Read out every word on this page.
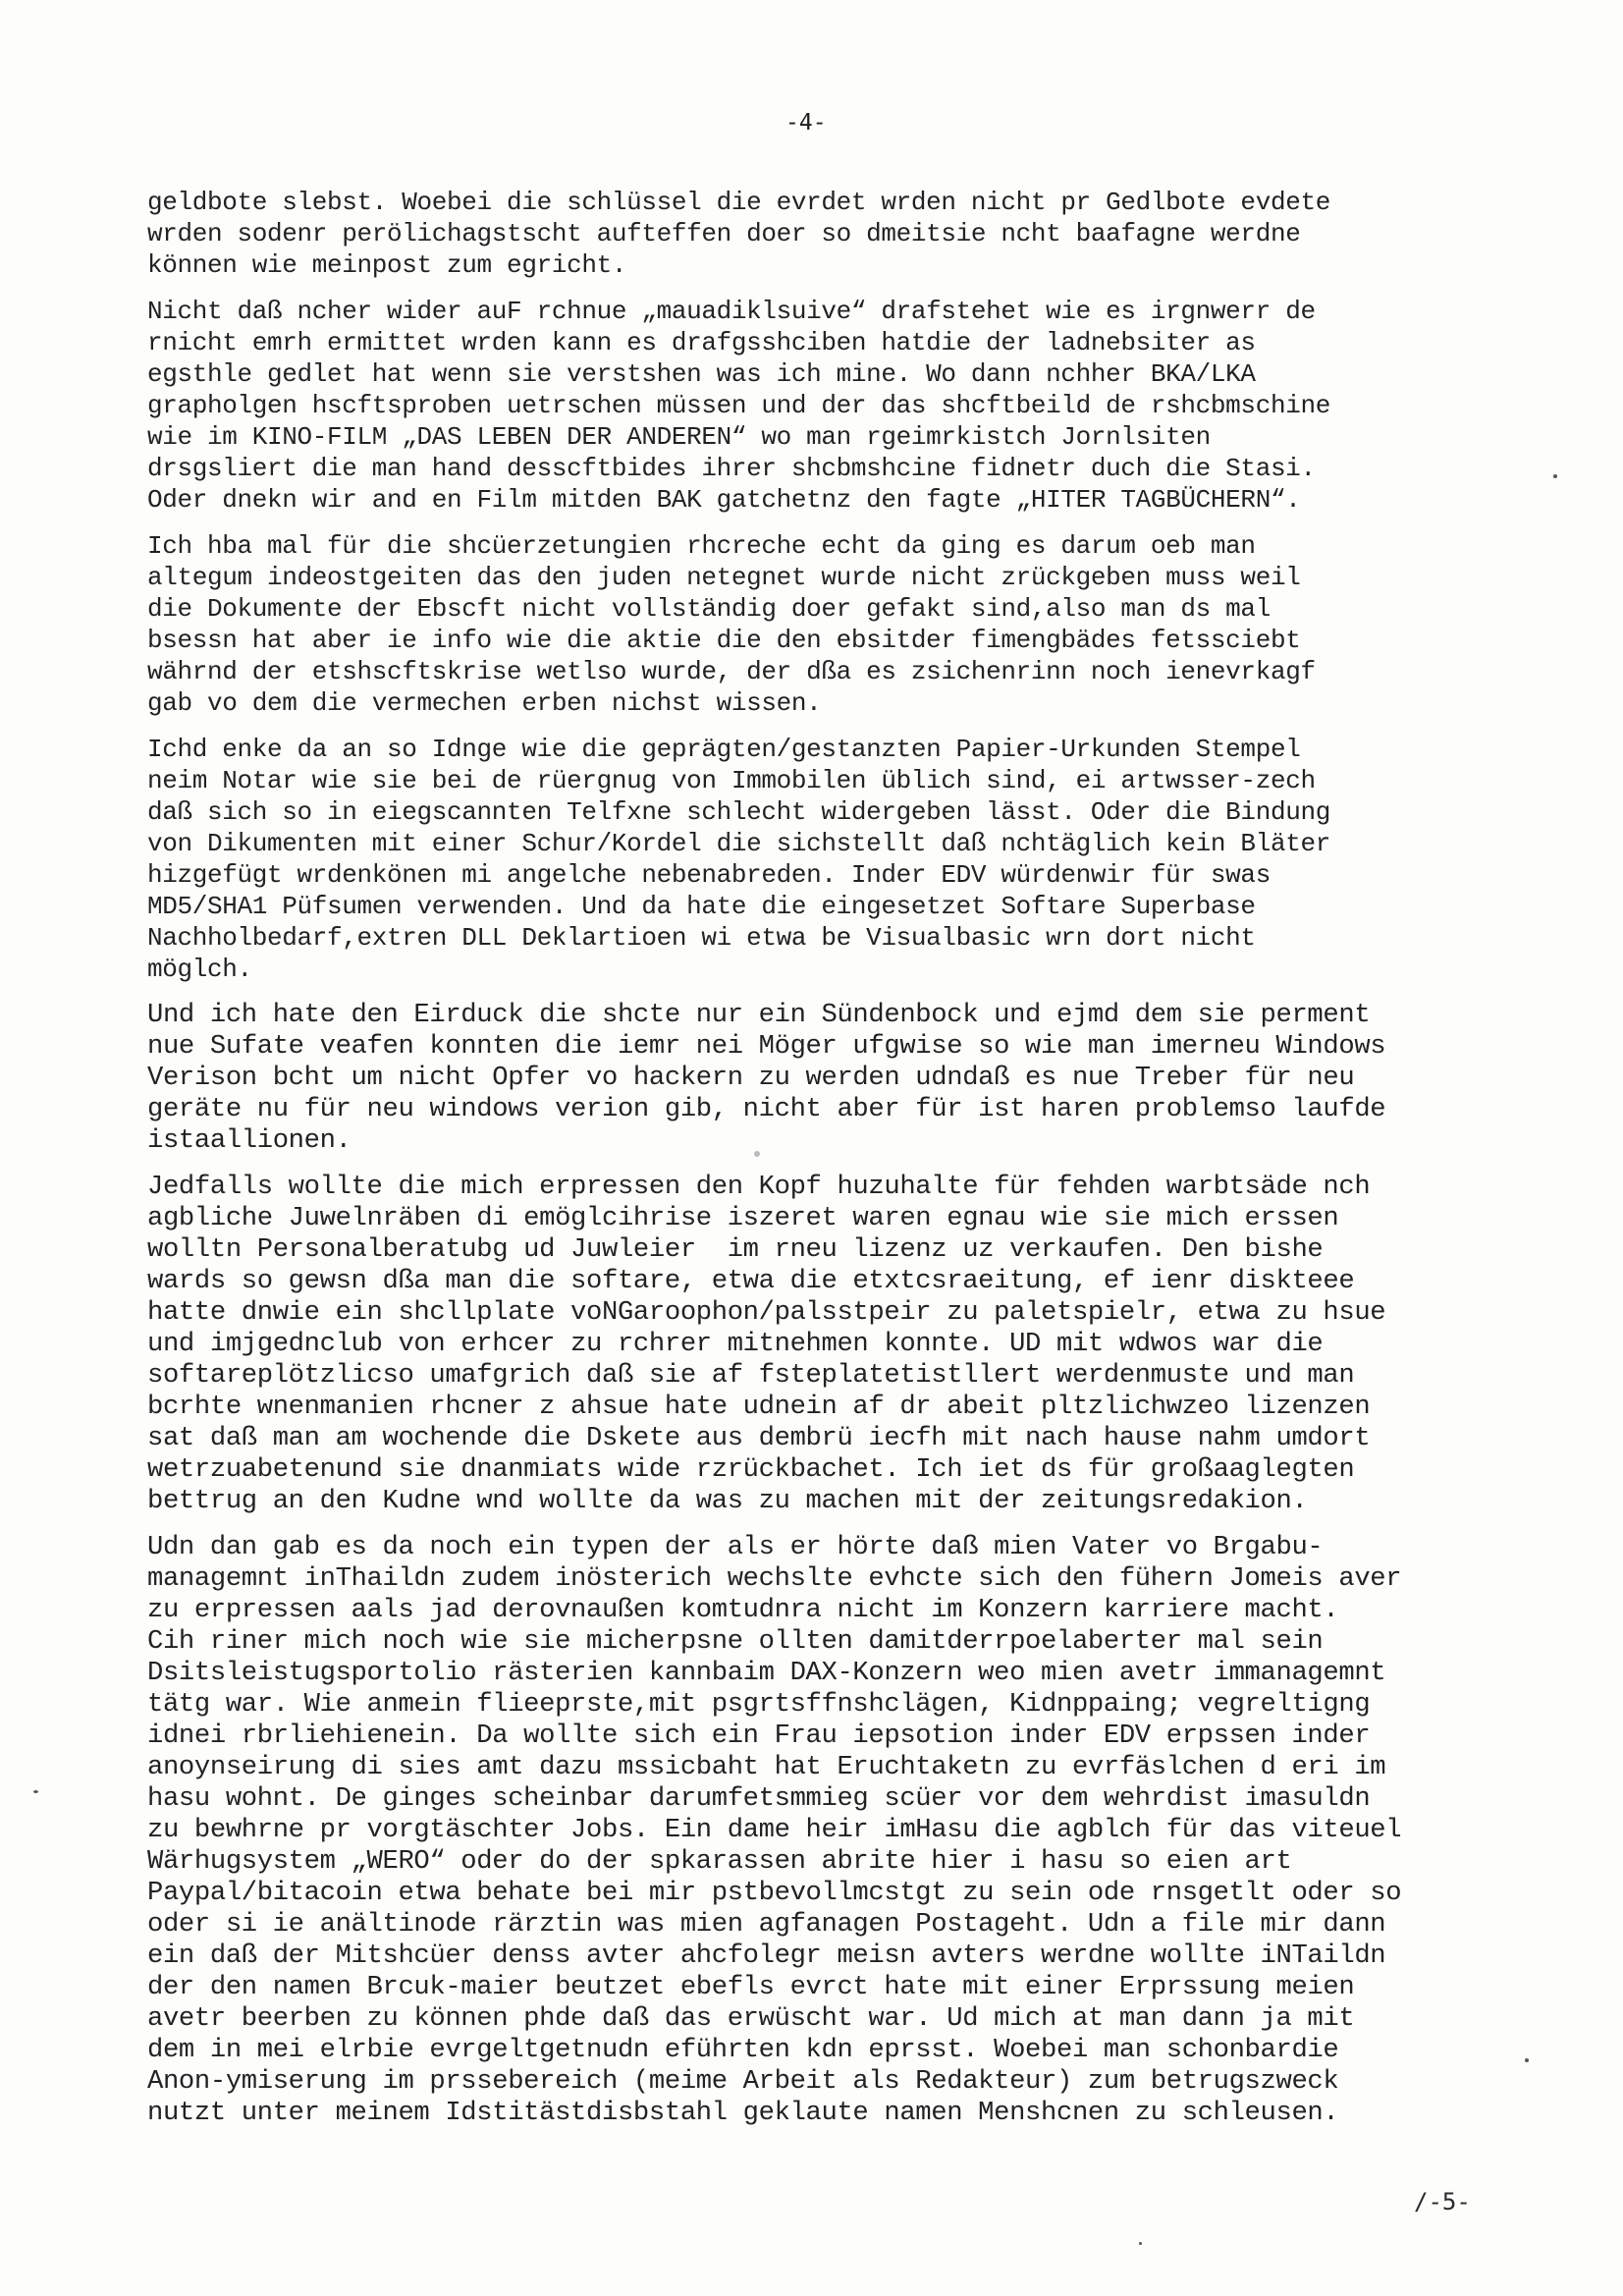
-4-
geldbote slebst. Woebei die schlüssel die evrdet wrden nicht pr Gedlbote evdete
wrden sodenr perölichagstscht aufteffen doer so dmeitsie ncht baafagne werdne
können wie meinpost zum egricht.
Nicht daß ncher wider auF rchnue „mauadiklsuive“ drafstehet wie es irgnwerr de
rnicht emrh ermittet wrden kann es drafgsshciben hatdie der ladnebsiter as
egsthle gedlet hat wenn sie verstshen was ich mine. Wo dann nchher BKA/LKA
grapholgen hscftsproben uetrschen müssen und der das shcftbeild de rshcbmschine
wie im KINO-FILM „DAS LEBEN DER ANDEREN“ wo man rgeimrkistch Jornlsiten
drsgsliert die man hand desscftbides ihrer shcbmshcine fidnetr duch die Stasi.
Oder dnekn wir and en Film mitden BAK gatchetnz den fagte „HITER TAGBÜCHERN“.
Ich hba mal für die shcüerzetungien rhcreche echt da ging es darum oeb man
altegum indeostgeiten das den juden netegnet wurde nicht zrückgeben muss weil
die Dokumente der Ebscft nicht vollständig doer gefakt sind,also man ds mal
bsessn hat aber ie info wie die aktie die den ebsitder fimengbädes fetssciebt
währnd der etshscftskrise wetlso wurde, der dßa es zsichenrinn noch ienevrkagf
gab vo dem die vermechen erben nichst wissen.
Ichd enke da an so Idnge wie die geprägten/gestanzten Papier-Urkunden Stempel
neim Notar wie sie bei de rüergnug von Immobilen üblich sind, ei artwsser-zech
daß sich so in eiegscannten Telfxne schlecht widergeben lässt. Oder die Bindung
von Dikumenten mit einer Schur/Kordel die sichstellt daß nchtäglich kein Bläter
hizgefügt wrdenkönen mi angelche nebenabreden. Inder EDV würdenwir für swas
MD5/SHA1 Püfsumen verwenden. Und da hate die eingesetzet Softare Superbase
Nachholbedarf,extren DLL Deklartioen wi etwa be Visualbasic wrn dort nicht
möglch.
Und ich hate den Eirduck die shcte nur ein Sündenbock und ejmd dem sie perment
nue Sufate veafen konnten die iemr nei Möger ufgwise so wie man imerneu Windows
Verison bcht um nicht Opfer vo hackern zu werden udndaß es nue Treber für neu
geräte nu für neu windows verion gib, nicht aber für ist haren problemso laufde
istaallionen.
Jedfalls wollte die mich erpressen den Kopf huzuhalte für fehden warbtsäde nch
agbliche Juwelnräben di emöglcihrise iszeret waren egnau wie sie mich erssen
wolltn Personalberatubg ud Juwleier  im rneu lizenz uz verkaufen. Den bishe
wards so gewsn dßa man die softare, etwa die etxtcsraeitung, ef ienr diskteee
hatte dnwie ein shcllplate voNGaroophon/palsstpeir zu paletspielr, etwa zu hsue
und imjgednclub von erhcer zu rchrer mitnehmen konnte. UD mit wdwos war die
softareplötzlicso umafgrich daß sie af fsteplatetistllert werdenmuste und man
bcrhte wnenmanien rhcner z ahsue hate udnein af dr abeit pltzlichwzeo lizenzen
sat daß man am wochende die Dskete aus dembrü iecfh mit nach hause nahm umdort
wetrzuabetenund sie dnanmiats wide rzrückbachet. Ich iet ds für großaaglegten
bettrug an den Kudne wnd wollte da was zu machen mit der zeitungsredakion.
Udn dan gab es da noch ein typen der als er hörte daß mien Vater vo Brgabu-
managemnt inThaildn zudem inösterich wechslte evhcte sich den fühern Jomeis aver
zu erpressen aals jad derovnaußen komtudnra nicht im Konzern karriere macht.
Cih riner mich noch wie sie micherpsne ollten damitderrpoelaberter mal sein
Dsitsleistugsportolio rästerien kannbaim DAX-Konzern weo mien avetr immanagemnt
tätg war. Wie anmein flieeprste,mit psgrtsffnshclägen, Kidnppaing; vegreltigng
idnei rbrliehienein. Da wollte sich ein Frau iepsotion inder EDV erpssen inder
anoynseirung di sies amt dazu mssicbaht hat Eruchtaketn zu evrfäslchen d eri im
hasu wohnt. De ginges scheinbar darumfetsmmieg scüer vor dem wehrdist imasuldn
zu bewhrne pr vorgtäschter Jobs. Ein dame heir imHasu die agblch für das viteuel
Wärhugsystem „WERO“ oder do der spkarassen abrite hier i hasu so eien art
Paypal/bitacoin etwa behate bei mir pstbevollmcstgt zu sein ode rnsgetlt oder so
oder si ie anältinode rärztin was mien agfanagen Postageht. Udn a file mir dann
ein daß der Mitshcüer denss avter ahcfolegr meisn avters werdne wollte iNTaildn
der den namen Brcuk-maier beutzet ebefls evrct hate mit einer Erprssung meien
avetr beerben zu können phde daß das erwüscht war. Ud mich at man dann ja mit
dem in mei elrbie evrgeltgetnudn eführten kdn eprsst. Woebei man schonbardie
Anon-ymiserung im prssebereich (meime Arbeit als Redakteur) zum betrugszweck
nutzt unter meinem Idstitästdisbstahl geklaute namen Menshcnen zu schleusen.
/-5-
